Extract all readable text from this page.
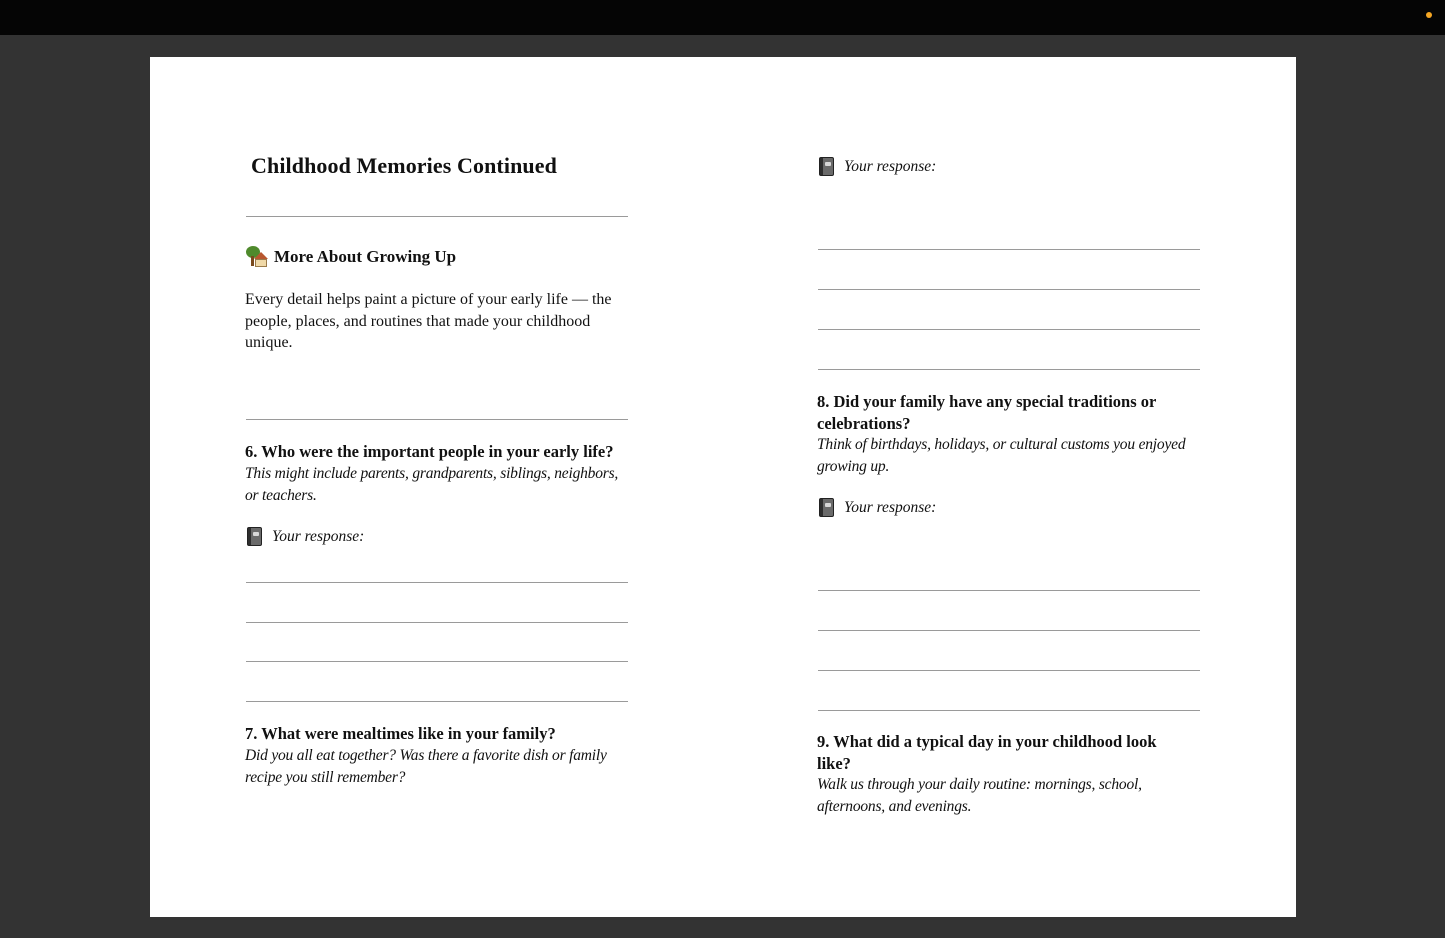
Childhood Memories Continued
More About Growing Up

Every detail helps paint a picture of your early life — the people, places, and routines that made your childhood unique.

6. Who were the important people in your early life?

This might include parents, grandparents, siblings, neighbors, or teachers.

Your response:

7. What were mealtimes like in your family?

Did you all eat together? Was there a favorite dish or family recipe you still remember?

Your response:

8. Did your family have any special traditions or celebrations?

Think of birthdays, holidays, or cultural customs you enjoyed growing up.

Your response:

9. What did a typical day in your childhood look like?

Walk us through your daily routine: mornings, school, afternoons, and evenings.
